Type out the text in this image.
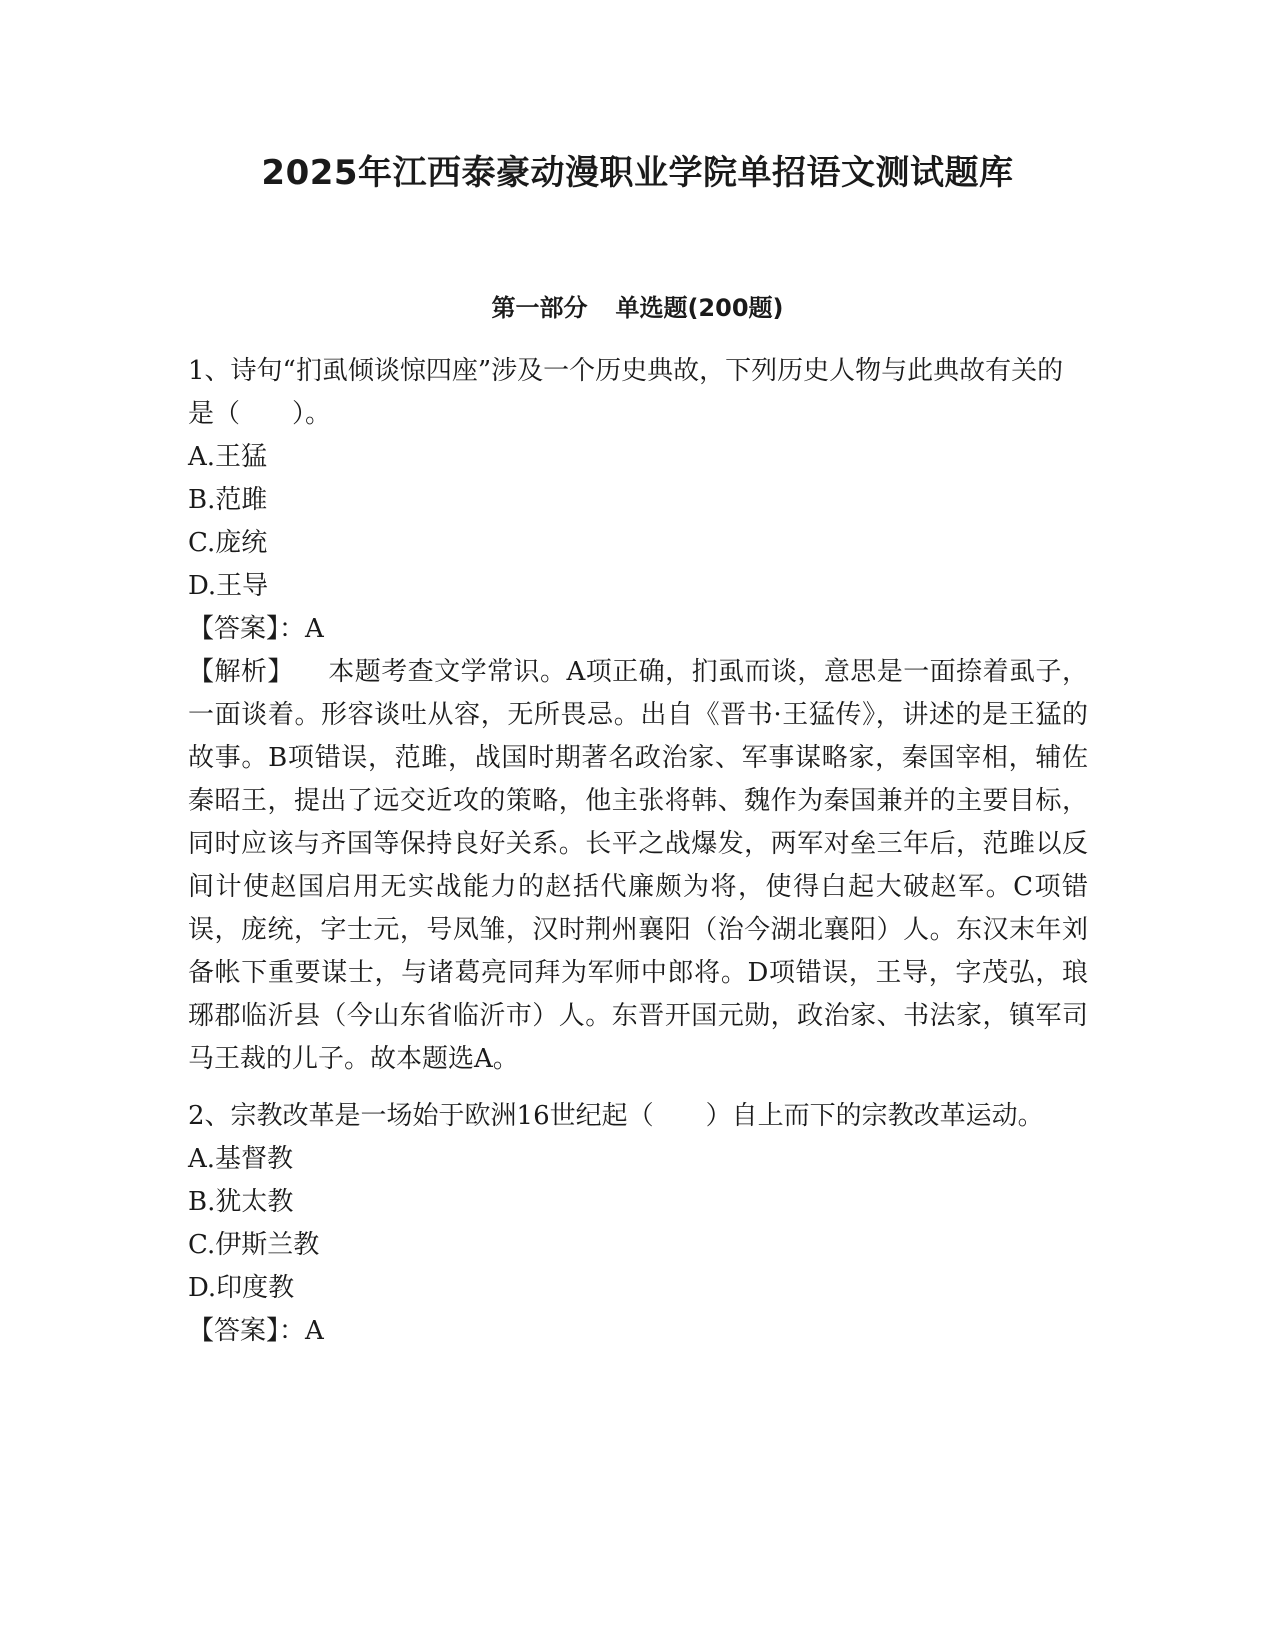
2025年江西泰豪动漫职业学院单招语文测试题库
第一部分 单选题(200题)

1、诗句“扪虱倾谈惊四座”涉及一个历史典故，下列历史人物与此典故有关的是（　　）。

A.王猛

B.范雎

C.庞统

D.王导

【答案】：A

【解析】 本题考查文学常识。A项正确，扪虱而谈，意思是一面捺着虱子，一面谈着。形容谈吐从容，无所畏忌。出自《晋书·王猛传》，讲述的是王猛的故事。B项错误，范雎，战国时期著名政治家、军事谋略家，秦国宰相，辅佐秦昭王，提出了远交近攻的策略，他主张将韩、魏作为秦国兼并的主要目标，同时应该与齐国等保持良好关系。长平之战爆发，两军对垒三年后，范雎以反间计使赵国启用无实战能力的赵括代廉颇为将，使得白起大破赵军。C项错误，庞统，字士元，号凤雏，汉时荆州襄阳（治今湖北襄阳）人。东汉末年刘备帐下重要谋士，与诸葛亮同拜为军师中郎将。D项错误，王导，字茂弘，琅琊郡临沂县（今山东省临沂市）人。东晋开国元勋，政治家、书法家，镇军司马王裁的儿子。故本题选A。

2、宗教改革是一场始于欧洲16世纪起（　　）自上而下的宗教改革运动。

A.基督教

B.犹太教

C.伊斯兰教

D.印度教

【答案】：A
